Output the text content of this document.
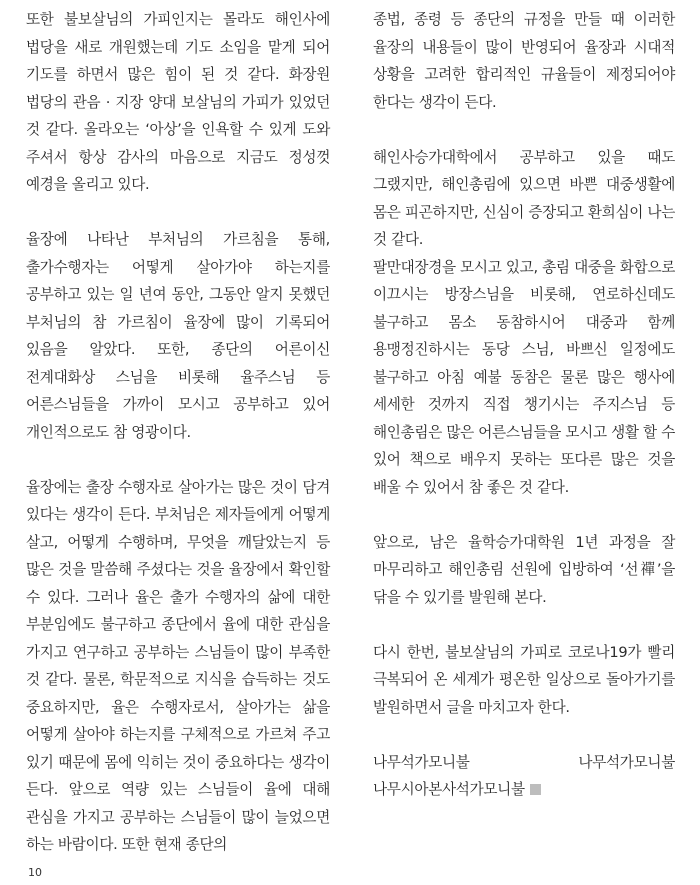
또한 불보살님의 가피인지는 몰라도 해인사에 법당을 새로 개원했는데 기도 소임을 맡게 되어 기도를 하면서 많은 힘이 된 것 같다. 화장원 법당의 관음 · 지장 양대 보살님의 가피가 있었던 것 같다. 올라오는 ‘아상’을 인욕할 수 있게 도와 주셔서 항상 감사의 마음으로 지금도 정성껏 예경을 올리고 있다.

율장에 나타난 부처님의 가르침을 통해, 출가수행자는 어떻게 살아가야 하는지를 공부하고 있는 일 년여 동안, 그동안 알지 못했던 부처님의 참 가르침이 율장에 많이 기록되어 있음을 알았다. 또한, 종단의 어른이신 전계대화상 스님을 비롯해 율주스님 등 어른스님들을 가까이 모시고 공부하고 있어 개인적으로도 참 영광이다.

율장에는 출장 수행자로 살아가는 많은 것이 담겨 있다는 생각이 든다. 부처님은 제자들에게 어떻게 살고, 어떻게 수행하며, 무엇을 깨달았는지 등 많은 것을 말씀해 주셨다는 것을 율장에서 확인할 수 있다. 그러나 율은 출가 수행자의 삶에 대한 부분임에도 불구하고 종단에서 율에 대한 관심을 가지고 연구하고 공부하는 스님들이 많이 부족한 것 같다. 물론, 학문적으로 지식을 습득하는 것도 중요하지만, 율은 수행자로서, 살아가는 삶을 어떻게 살아야 하는지를 구체적으로 가르쳐 주고 있기 때문에 몸에 익히는 것이 중요하다는 생각이 든다. 앞으로 역량 있는 스님들이 율에 대해 관심을 가지고 공부하는 스님들이 많이 늘었으면 하는 바람이다. 또한 현재 종단의

종법, 종령 등 종단의 규정을 만들 때 이러한 율장의 내용들이 많이 반영되어 율장과 시대적 상황을 고려한 합리적인 규율들이 제정되어야 한다는 생각이 든다.

해인사승가대학에서 공부하고 있을 때도 그랬지만, 해인총림에 있으면 바쁜 대중생활에 몸은 피곤하지만, 신심이 증장되고 환희심이 나는 것 같다.

팔만대장경을 모시고 있고, 총림 대중을 화합으로 이끄시는 방장스님을 비롯해, 연로하신데도 불구하고 몸소 동참하시어 대중과 함께 용맹정진하시는 동당 스님, 바쁘신 일정에도 불구하고 아침 예불 동참은 물론 많은 행사에 세세한 것까지 직접 챙기시는 주지스님 등 해인총림은 많은 어른스님들을 모시고 생활 할 수 있어 책으로 배우지 못하는 또다른 많은 것을 배울 수 있어서 참 좋은 것 같다.

앞으로, 남은 율학승가대학원 1년 과정을 잘 마무리하고 해인총림 선원에 입방하여 ‘선禪’을 닦을 수 있기를 발원해 본다.

다시 한번, 불보살님의 가피로 코로나19가 빨리 극복되어 온 세계가 평온한 일상으로 돌아가기를 발원하면서 글을 마치고자 한다.

나무석가모니불 나무석가모니불 나무시아본사석가모니불

10
